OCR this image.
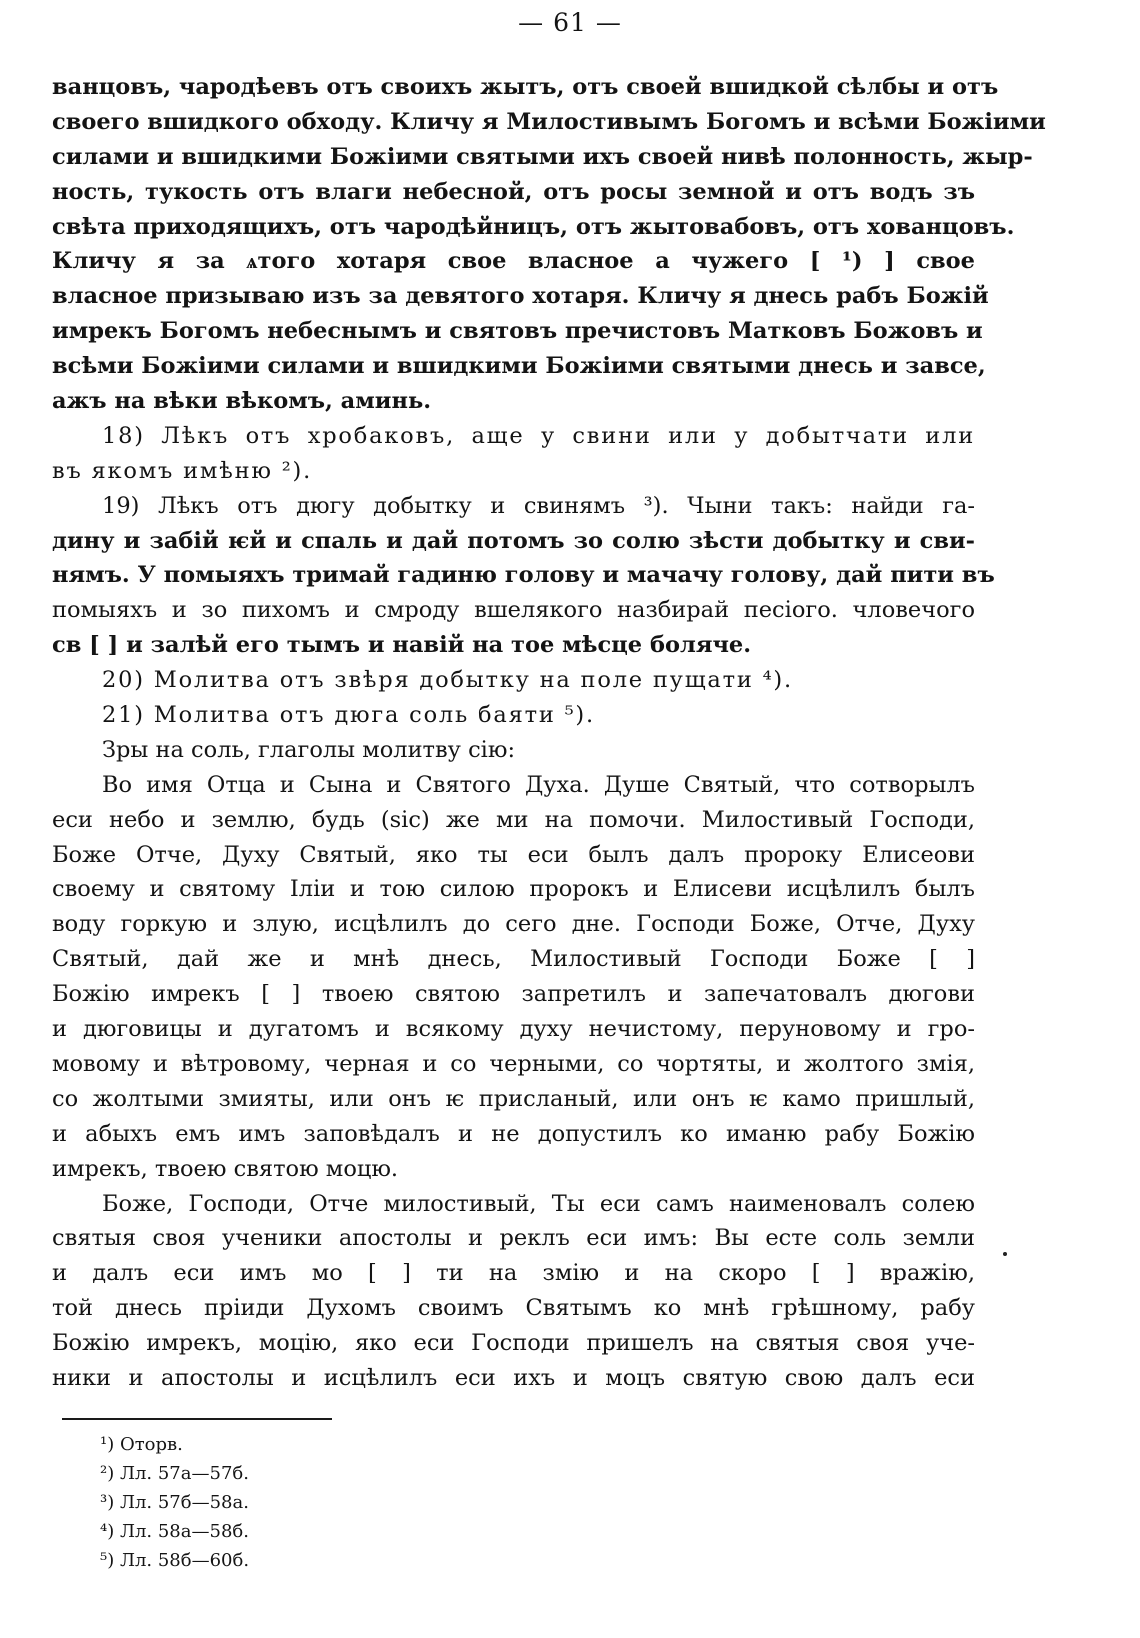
— 61 —
ванцовъ, чародѣевъ отъ своихъ жытъ, отъ своей вшидкой сѣлбы и отъ
своего вшидкого обходу. Кличу я Милостивымъ Богомъ и всѣми Божіими
силами и вшидкими Божіими святыми ихъ своей нивѣ полонность, жыр-
ность, тукость отъ влаги небесной, отъ росы земной и отъ водъ зъ
свѣта приходящихъ, отъ чародѣйницъ, отъ жытовабовъ, отъ хованцовъ.
Кличу я за ѧтого хотаря свое власное а чужего [ ¹) ] свое
власное призываю изъ за девятого хотаря. Кличу я днесь рабъ Божій
имрекъ Богомъ небеснымъ и святовъ пречистовъ Матковъ Божовъ и
всѣми Божіими силами и вшидкими Божіими святыми днесь и завсе,
ажъ на вѣки вѣкомъ, аминь.
18) Лѣкъ отъ хробаковъ, аще у свини или у добытчати или
въ якомъ имѣню ²).
19) Лѣкъ отъ дюгу добытку и свинямъ ³). Чыни такъ: найди га-
дину и забій ѥй и спаль и дай потомъ зо солю зѣсти добытку и сви-
нямъ. У помыяхъ тримай гадиню голову и мачачу голову, дай пити въ
помыяхъ и зо пихомъ и смроду вшелякого назбирай песіого. чловечого
св [ ] и залѣй его тымъ и навій на тое мѣсце боляче.
20) Молитва отъ звѣря добытку на поле пущати ⁴).
21) Молитва отъ дюга соль баяти ⁵).
Зры на соль, глаголы молитву сію:
Во имя Отца и Сына и Святого Духа. Душе Святый, что сотворылъ
еси небо и землю, будь (sic) же ми на помочи. Милостивый Господи,
Боже Отче, Духу Святый, яко ты еси былъ далъ пророку Елисеови
своему и святому Іліи и тою силою пророкъ и Елисеви исцѣлилъ былъ
воду горкую и злую, исцѣлилъ до сего дне. Господи Боже, Отче, Духу
Святый, дай же и мнѣ днесь, Милостивый Господи Боже [ ]
Божію имрекъ [ ] твоею святою запретилъ и запечатовалъ дюгови
и дюговицы и дугатомъ и всякому духу нечистому, перуновому и гро-
мовому и вѣтровому, черная и со черными, со чортяты, и жолтого змія,
со жолтыми змияты, или онъ ѥ присланый, или онъ ѥ камо пришлый,
и абыхъ емъ имъ заповѣдалъ и не допустилъ ко иманю рабу Божію
имрекъ, твоею святою моцю.
Боже, Господи, Отче милостивый, Ты еси самъ наименовалъ солею
святыя своя ученики апостолы и реклъ еси имъ: Вы есте соль земли
и далъ еси имъ мо [ ] ти на змію и на скоро [ ] вражію,
той днесь пріиди Духомъ своимъ Святымъ ко мнѣ грѣшному, рабу
Божію имрекъ, моцію, яко еси Господи пришелъ на святыя своя уче-
ники и апостолы и исцѣлилъ еси ихъ и моцъ святую свою далъ еси
¹) Оторв.
²) Лл. 57а—57б.
³) Лл. 57б—58а.
⁴) Лл. 58а—58б.
⁵) Лл. 58б—60б.
